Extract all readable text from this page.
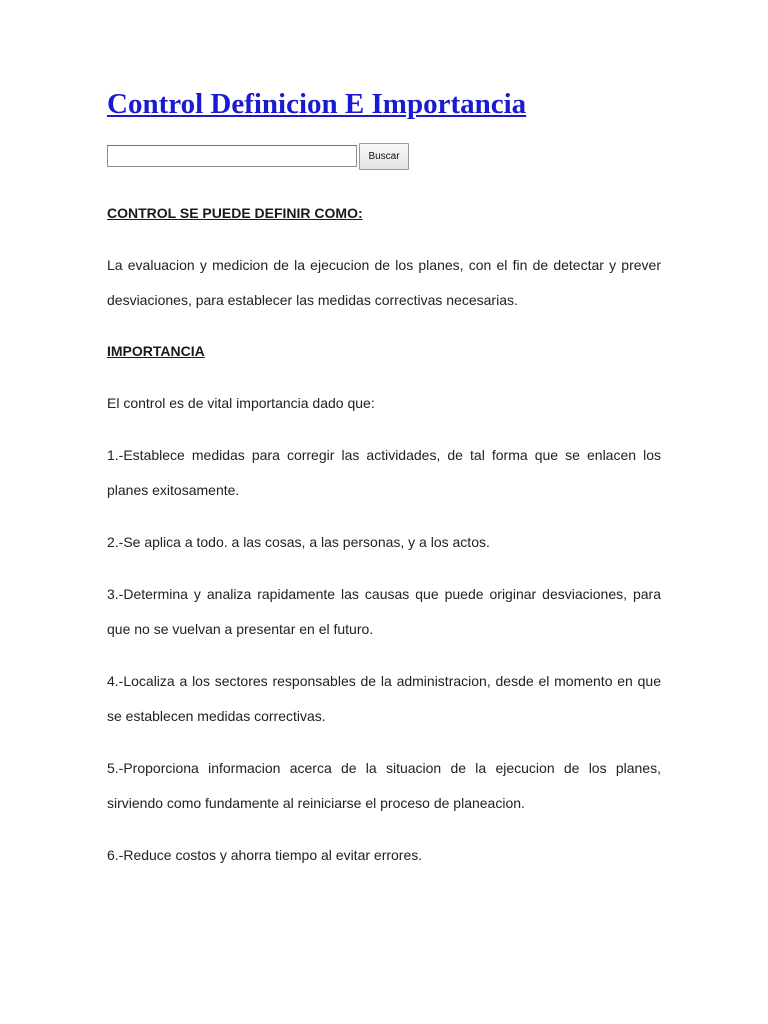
Control Definicion E Importancia
Buscar

CONTROL SE PUEDE DEFINIR COMO:

La evaluacion y medicion de la ejecucion de los planes, con el fin de detectar y prever desviaciones, para establecer las medidas correctivas necesarias.

IMPORTANCIA

El control es de vital importancia dado que:

1.-Establece medidas para corregir las actividades, de tal forma que se enlacen los planes exitosamente.

2.-Se aplica a todo. a las cosas, a las personas, y a los actos.

3.-Determina y analiza rapidamente las causas que puede originar desviaciones, para que no se vuelvan a presentar en el futuro.

4.-Localiza a los sectores responsables de la administracion, desde el momento en que se establecen medidas correctivas.

5.-Proporciona informacion acerca de la situacion de la ejecucion de los planes, sirviendo como fundamente al reiniciarse el proceso de planeacion.

6.-Reduce costos y ahorra tiempo al evitar errores.
